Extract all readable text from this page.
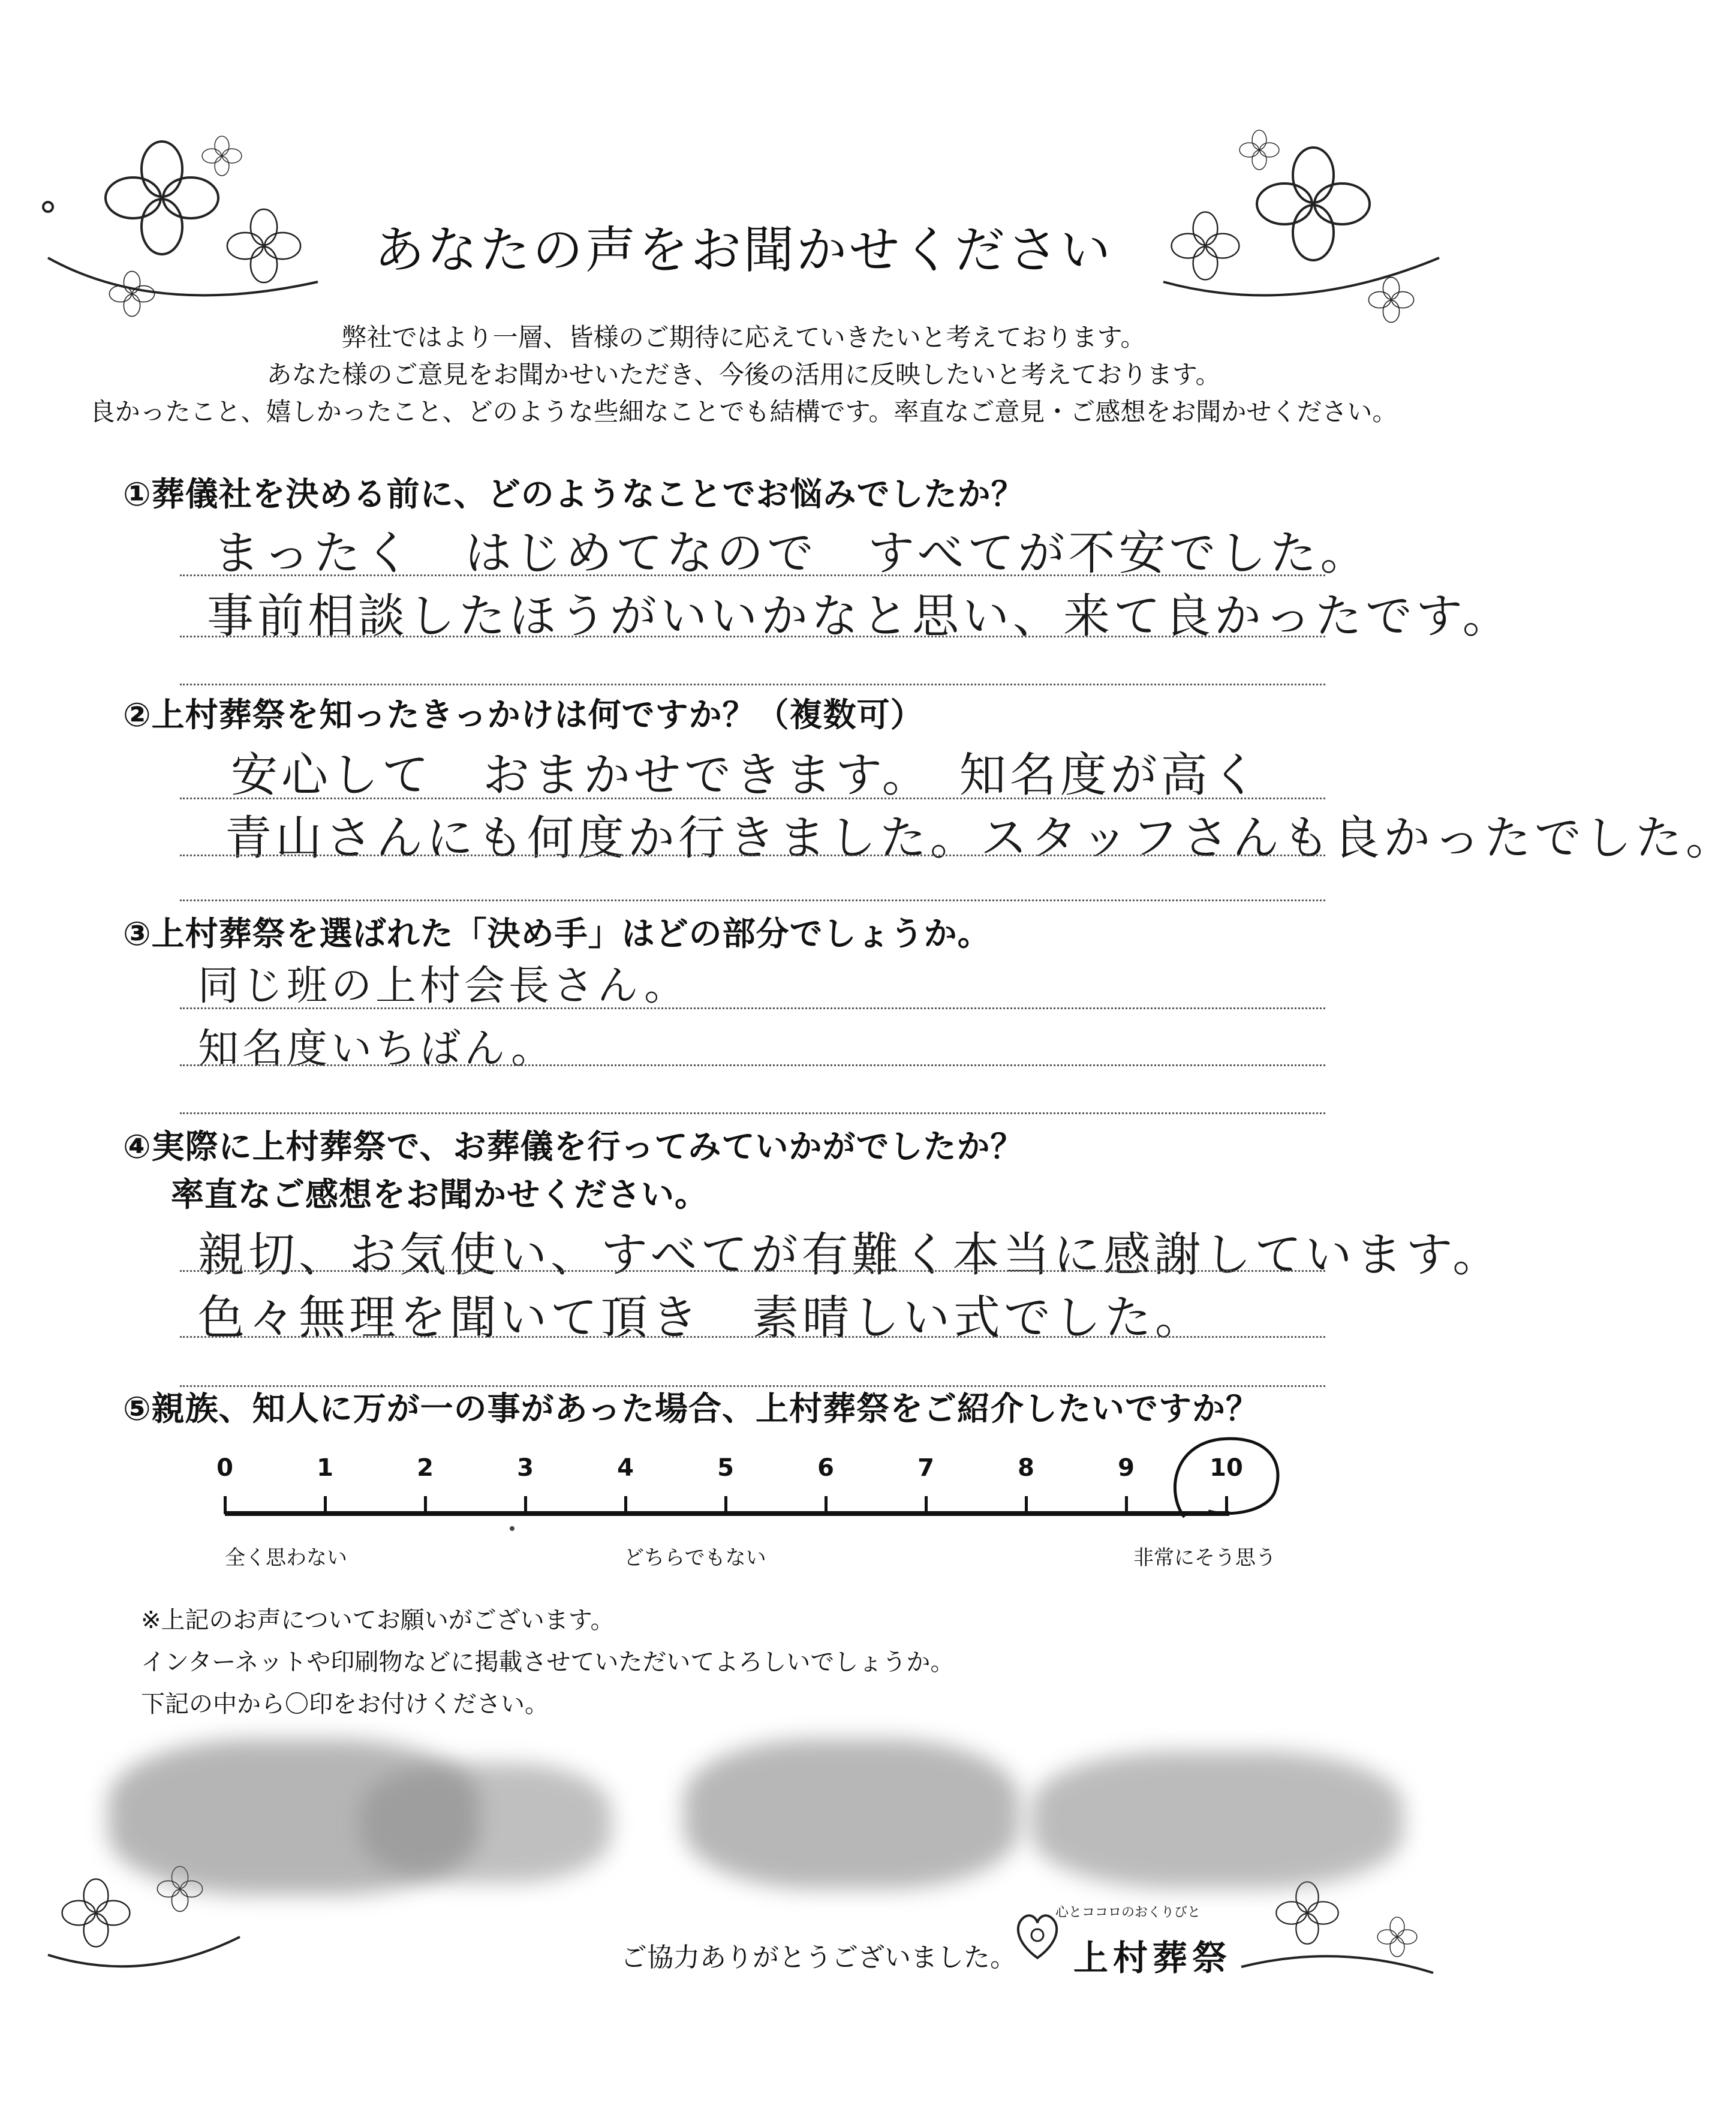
あなたの声をお聞かせください
弊社ではより一層、皆様のご期待に応えていきたいと考えております。
あなた様のご意見をお聞かせいただき、今後の活用に反映したいと考えております。
良かったこと、嬉しかったこと、どのような些細なことでも結構です。率直なご意見・ご感想をお聞かせください。
①葬儀社を決める前に、どのようなことでお悩みでしたか？
まったく　はじめてなので　すべてが不安でした。
事前相談したほうがいいかなと思い、来て良かったです。
②上村葬祭を知ったきっかけは何ですか？（複数可）
安心して　おまかせできます。　知名度が高く
青山さんにも何度か行きました。スタッフさんも良かったでした。
③上村葬祭を選ばれた「決め手」はどの部分でしょうか。
同じ班の上村会長さん。
知名度いちばん。
④実際に上村葬祭で、お葬儀を行ってみていかがでしたか？
率直なご感想をお聞かせください。
親切、お気使い、すべてが有難く本当に感謝しています。
色々無理を聞いて頂き　素晴しい式でした。
⑤親族、知人に万が一の事があった場合、上村葬祭をご紹介したいですか？
全く思わない	どちらでもない	非常にそう思う
※上記のお声についてお願いがございます。
インターネットや印刷物などに掲載させていただいてよろしいでしょうか。
下記の中から〇印をお付けください。
ご協力ありがとうございました。
心とココロのおくりびと
上村葬祭
0	1	2	3	4	5	6	7	8	9	10
